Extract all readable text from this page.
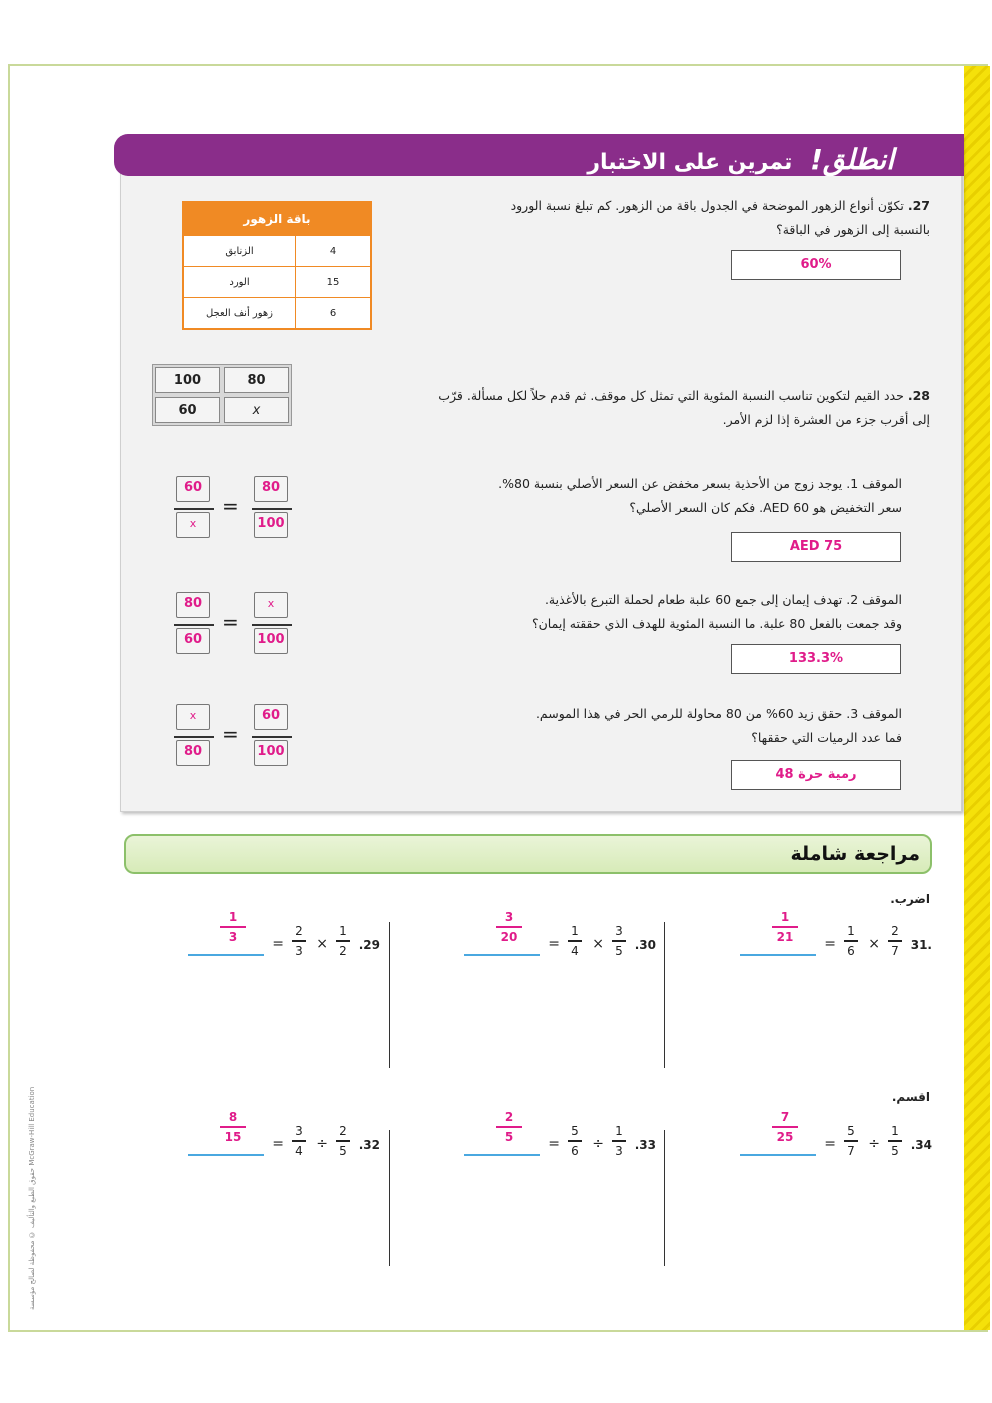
حقوق الطبع والتأليف © محفوظة لصالح مؤسسة McGraw-Hill Education
انطلق! تمرين على الاختبار
27. تكوّن أنواع الزهور الموضحة في الجدول باقة من الزهور. كم تبلغ نسبة الورود
بالنسبة إلى الزهور في الباقة؟
60%
باقة الزهور	
الزنابق	4
الورد	15
زهور أنف العجل	6
100	80
60	x
28. حدد القيم لتكوين تناسب النسبة المئوية التي تمثل كل موقف. ثم قدم حلاً لكل مسألة. قرّب
إلى أقرب جزء من العشرة إذا لزم الأمر.
الموقف 1. يوجد زوج من الأحذية بسعر مخفض عن السعر الأصلي بنسبة 80%.
سعر التخفيض هو 60 AED. فكم كان السعر الأصلي؟
AED 75
60
x
=
80
100
الموقف 2. تهدف إيمان إلى جمع 60 علبة طعام لحملة التبرع بالأغذية.
وقد جمعت بالفعل 80 علبة. ما النسبة المئوية للهدف الذي حققته إيمان؟
133.3%
80
60
=
x
100
الموقف 3. حقق زيد 60% من 80 محاولة للرمي الحر في هذا الموسم.
فما عدد الرميات التي حققها؟
48 رمية حرة
x
80
=
60
100
مراجعة شاملة
اضرب.
اقسم.
31.
2
7
×
1
6
=
1
21
.30
3
5
×
1
4
=
3
20
.29
1
2
×
2
3
=
1
3
.34
1
5
÷
5
7
=
7
25
.33
1
3
÷
5
6
=
2
5
.32
2
5
÷
3
4
=
8
15
